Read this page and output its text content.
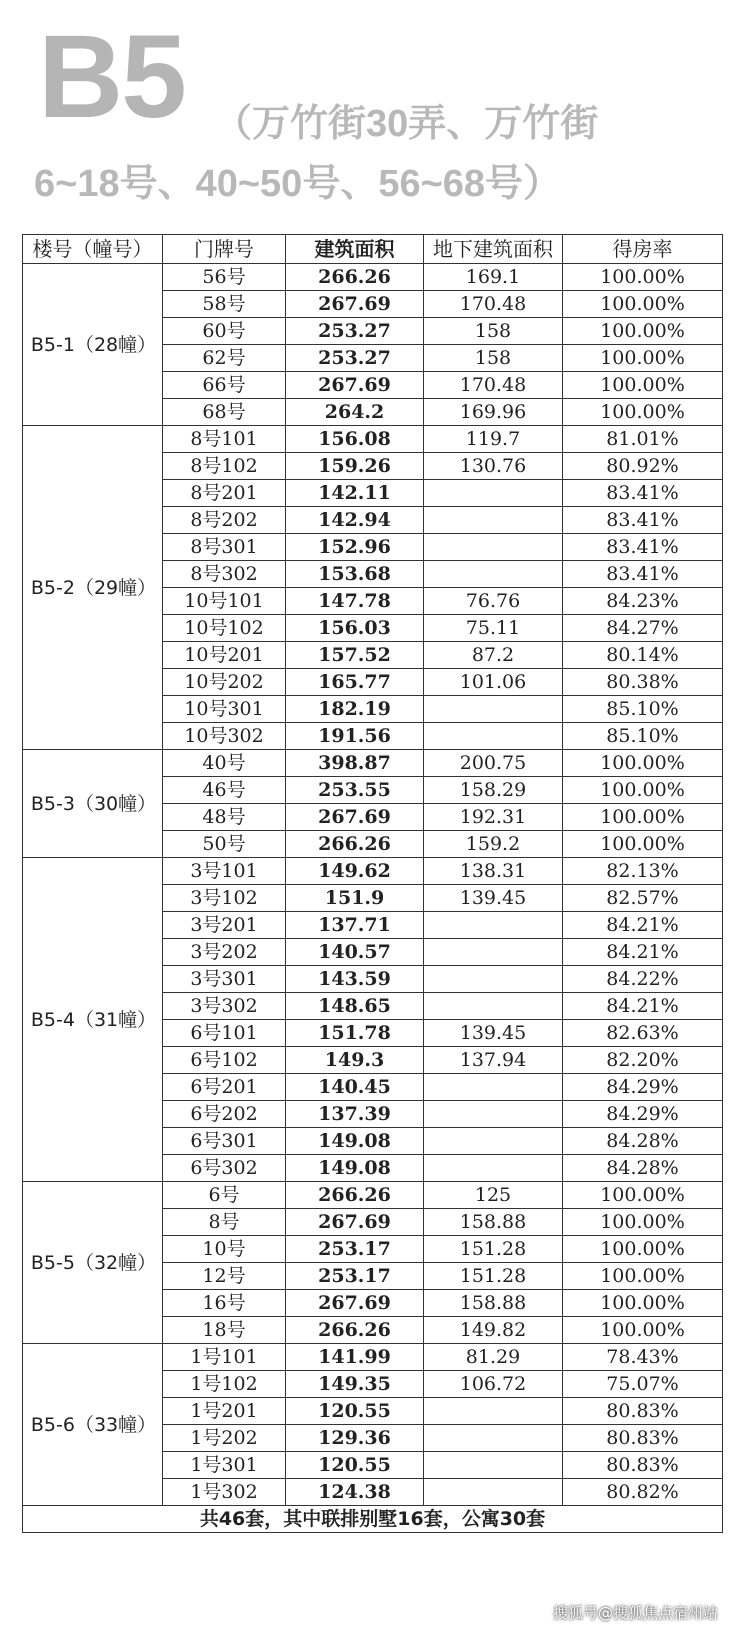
B5 （万竹街30弄、万竹街
6~18号、40~50号、56~68号）
楼号（幢号）	门牌号	建筑面积	地下建筑面积	得房率
B5-1（28幢）	56号	266.26	169.1	100.00%
	58号	267.69	170.48	100.00%
	60号	253.27	158	100.00%
	62号	253.27	158	100.00%
	66号	267.69	170.48	100.00%
	68号	264.2	169.96	100.00%
B5-2（29幢）	8号101	156.08	119.7	81.01%
	8号102	159.26	130.76	80.92%
	8号201	142.11		83.41%
	8号202	142.94		83.41%
	8号301	152.96		83.41%
	8号302	153.68		83.41%
	10号101	147.78	76.76	84.23%
	10号102	156.03	75.11	84.27%
	10号201	157.52	87.2	80.14%
	10号202	165.77	101.06	80.38%
	10号301	182.19		85.10%
	10号302	191.56		85.10%
B5-3（30幢）	40号	398.87	200.75	100.00%
	46号	253.55	158.29	100.00%
	48号	267.69	192.31	100.00%
	50号	266.26	159.2	100.00%
B5-4（31幢）	3号101	149.62	138.31	82.13%
	3号102	151.9	139.45	82.57%
	3号201	137.71		84.21%
	3号202	140.57		84.21%
	3号301	143.59		84.22%
	3号302	148.65		84.21%
	6号101	151.78	139.45	82.63%
	6号102	149.3	137.94	82.20%
	6号201	140.45		84.29%
	6号202	137.39		84.29%
	6号301	149.08		84.28%
	6号302	149.08		84.28%
B5-5（32幢）	6号	266.26	125	100.00%
	8号	267.69	158.88	100.00%
	10号	253.17	151.28	100.00%
	12号	253.17	151.28	100.00%
	16号	267.69	158.88	100.00%
	18号	266.26	149.82	100.00%
B5-6（33幢）	1号101	141.99	81.29	78.43%
	1号102	149.35	106.72	75.07%
	1号201	120.55		80.83%
	1号202	129.36		80.83%
	1号301	120.55		80.83%
	1号302	124.38		80.82%
共46套，其中联排别墅16套，公寓30套				
搜狐号@搜狐焦点宿州站
